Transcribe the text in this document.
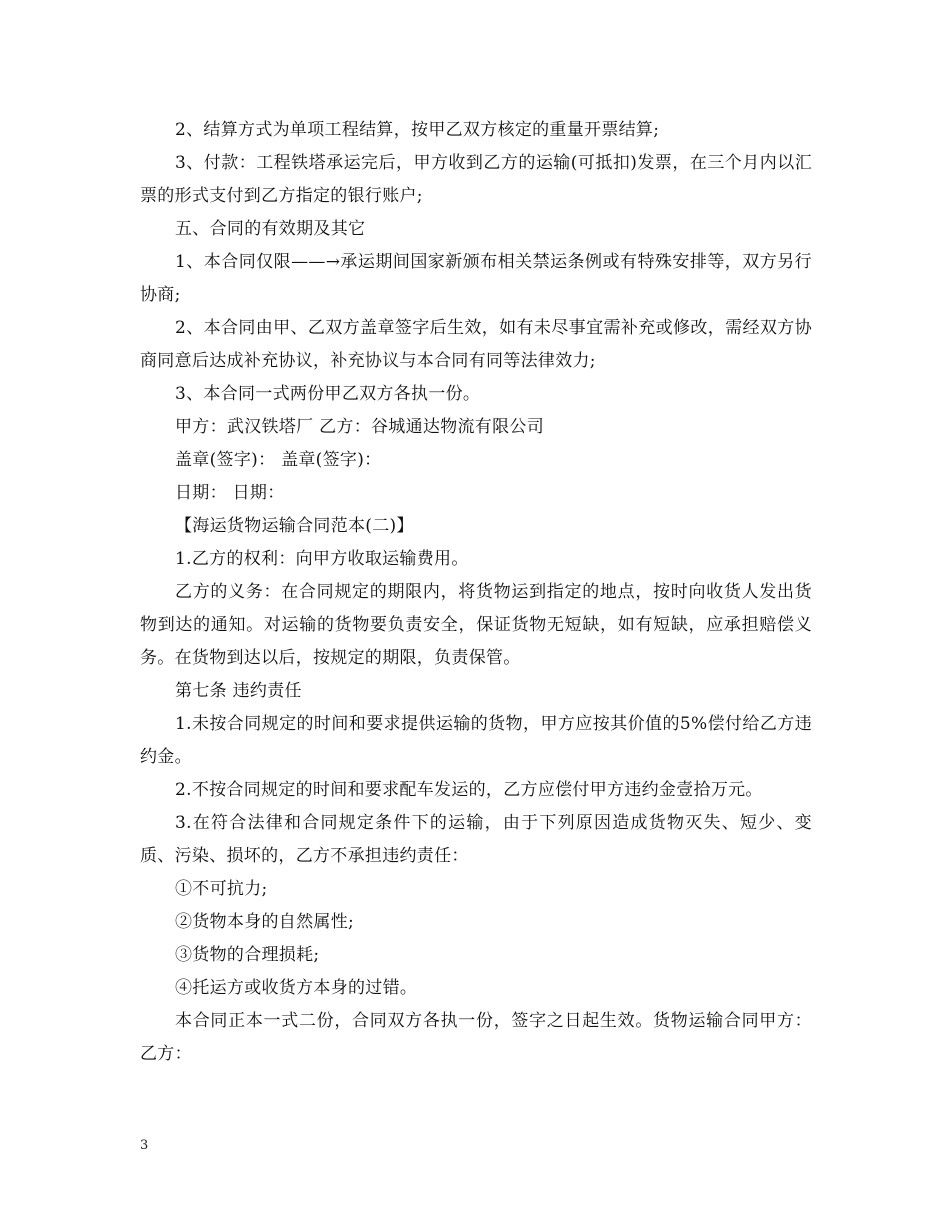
2、结算方式为单项工程结算，按甲乙双方核定的重量开票结算;

3、付款：工程铁塔承运完后，甲方收到乙方的运输(可抵扣)发票，在三个月内以汇票的形式支付到乙方指定的银行账户;

五、合同的有效期及其它

1、本合同仅限——→承运期间国家新颁布相关禁运条例或有特殊安排等，双方另行协商;

2、本合同由甲、乙双方盖章签字后生效，如有未尽事宜需补充或修改，需经双方协商同意后达成补充协议，补充协议与本合同有同等法律效力;

3、本合同一式两份甲乙双方各执一份。

甲方：武汉铁塔厂 乙方：谷城通达物流有限公司

盖章(签字)： 盖章(签字)：

日期： 日期：

【海运货物运输合同范本(二)】

1.乙方的权利：向甲方收取运输费用。

乙方的义务：在合同规定的期限内，将货物运到指定的地点，按时向收货人发出货物到达的通知。对运输的货物要负责安全，保证货物无短缺，如有短缺，应承担赔偿义务。在货物到达以后，按规定的期限，负责保管。

第七条 违约责任

1.未按合同规定的时间和要求提供运输的货物，甲方应按其价值的5%偿付给乙方违约金。

2.不按合同规定的时间和要求配车发运的，乙方应偿付甲方违约金壹拾万元。

3.在符合法律和合同规定条件下的运输，由于下列原因造成货物灭失、短少、变质、污染、损坏的，乙方不承担违约责任：

①不可抗力;

②货物本身的自然属性;

③货物的合理损耗;

④托运方或收货方本身的过错。

本合同正本一式二份，合同双方各执一份，签字之日起生效。货物运输合同甲方： 乙方：

3
